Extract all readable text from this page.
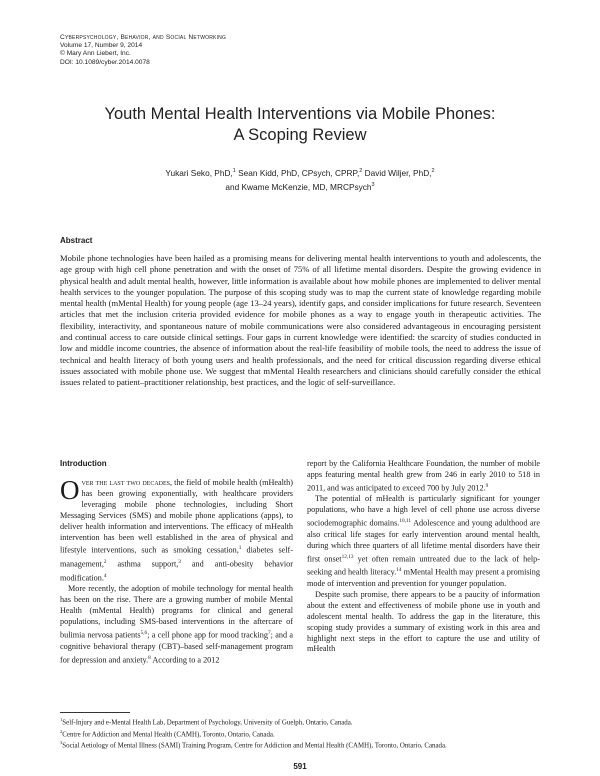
Cyberpsychology, Behavior, and Social Networking
Volume 17, Number 9, 2014
© Mary Ann Liebert, Inc.
DOI: 10.1089/cyber.2014.0078
Youth Mental Health Interventions via Mobile Phones:
A Scoping Review
Yukari Seko, PhD,$^1$ Sean Kidd, PhD, CPsych, CPRP,$^2$ David Wiljer, PhD,$^2$
and Kwame McKenzie, MD, MRCPsych$^3$
Abstract
Mobile phone technologies have been hailed as a promising means for delivering mental health interventions to youth and adolescents, the age group with high cell phone penetration and with the onset of 75% of all lifetime mental disorders. Despite the growing evidence in physical health and adult mental health, however, little information is available about how mobile phones are implemented to deliver mental health services to the younger population. The purpose of this scoping study was to map the current state of knowledge regarding mobile mental health (mMental Health) for young people (age 13–24 years), identify gaps, and consider implications for future research. Seventeen articles that met the inclusion criteria provided evidence for mobile phones as a way to engage youth in therapeutic activities. The flexibility, interactivity, and spontaneous nature of mobile communications were also considered advantageous in encouraging persistent and continual access to care outside clinical settings. Four gaps in current knowledge were identified: the scarcity of studies conducted in low and middle income countries, the absence of information about the real-life feasibility of mobile tools, the need to address the issue of technical and health literacy of both young users and health professionals, and the need for critical discussion regarding diverse ethical issues associated with mobile phone use. We suggest that mMental Health researchers and clinicians should carefully consider the ethical issues related to patient–practitioner relationship, best practices, and the logic of self-surveillance.
Introduction

Over the last two decades, the field of mobile health (mHealth) has been growing exponentially, with healthcare providers leveraging mobile phone technologies, including Short Messaging Services (SMS) and mobile phone applications (apps), to deliver health information and interventions. The efficacy of mHealth intervention has been well established in the area of physical and lifestyle interventions, such as smoking cessation,$^1$ diabetes self-management,$^2$ asthma support,$^3$ and anti-obesity behavior modification.$^4$

More recently, the adoption of mobile technology for mental health has been on the rise. There are a growing number of mobile Mental Health (mMental Health) programs for clinical and general populations, including SMS-based interventions in the aftercare of bulimia nervosa patients$^{5,6}$; a cell phone app for mood tracking$^7$; and a cognitive behavioral therapy (CBT)–based self-management program for depression and anxiety.$^8$ According to a 2012

report by the California Healthcare Foundation, the number of mobile apps featuring mental health grew from 246 in early 2010 to 518 in 2011, and was anticipated to exceed 700 by July 2012.$^9$

The potential of mHealth is particularly significant for younger populations, who have a high level of cell phone use across diverse sociodemographic domains.$^{10,11}$ Adolescence and young adulthood are also critical life stages for early intervention around mental health, during which three quarters of all lifetime mental disorders have their first onset$^{12,13}$ yet often remain untreated due to the lack of help-seeking and health literacy.$^{14}$ mMental Health may present a promising mode of intervention and prevention for younger population.

Despite such promise, there appears to be a paucity of information about the extent and effectiveness of mobile phone use in youth and adolescent mental health. To address the gap in the literature, this scoping study provides a summary of existing work in this area and highlight next steps in the effort to capture the use and utility of mHealth

$^1$Self-Injury and e-Mental Health Lab, Department of Psychology, University of Guelph, Ontario, Canada.
$^2$Centre for Addiction and Mental Health (CAMH), Toronto, Ontario, Canada.
$^3$Social Aetiology of Mental Illness (SAMI) Training Program, Centre for Addiction and Mental Health (CAMH), Toronto, Ontario, Canada.
591
